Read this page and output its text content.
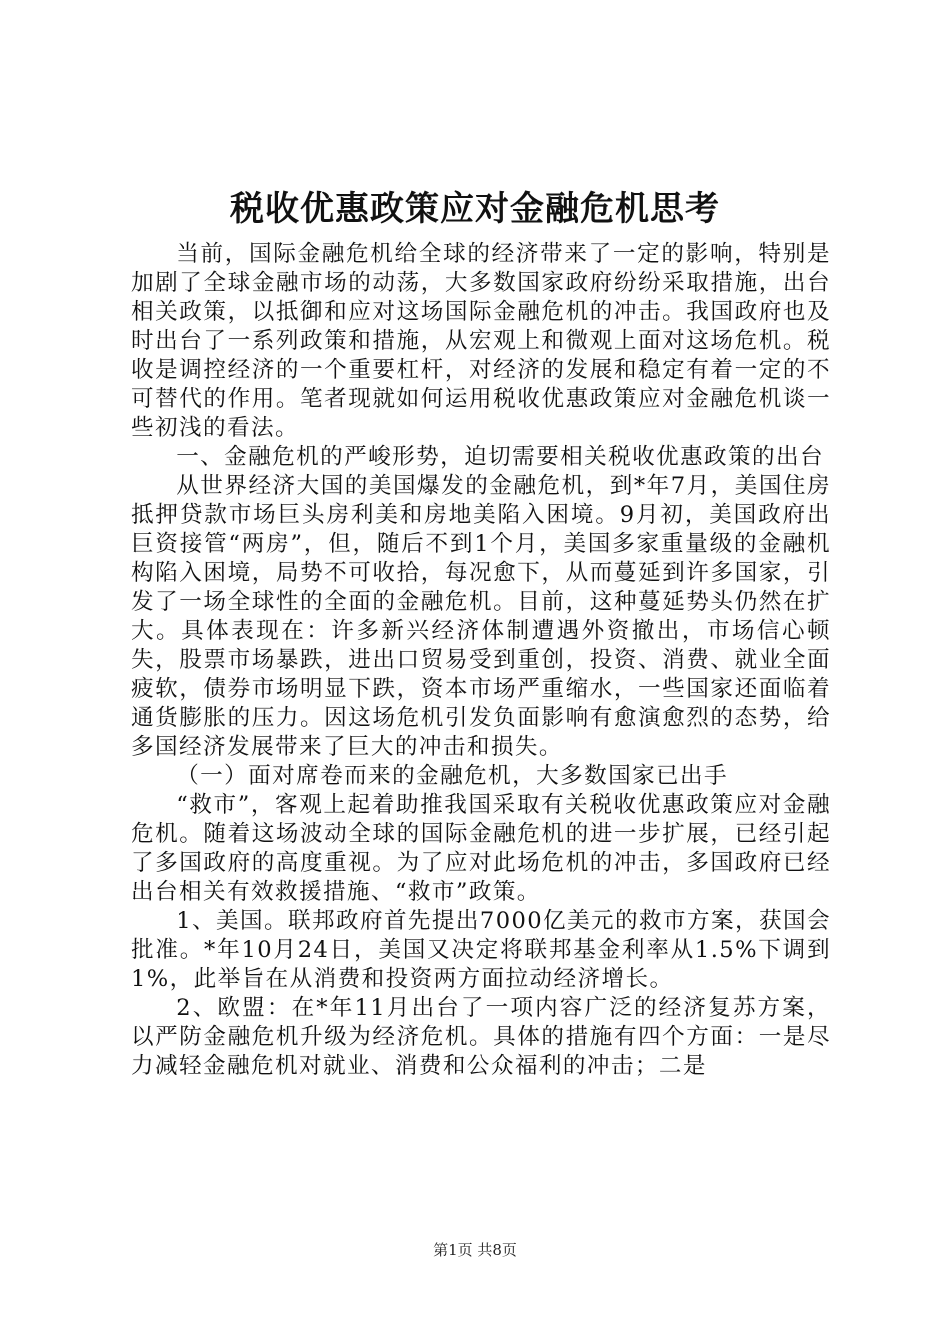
税收优惠政策应对金融危机思考

当前，国际金融危机给全球的经济带来了一定的影响，特别是加剧了全球金融市场的动荡，大多数国家政府纷纷采取措施，出台相关政策，以抵御和应对这场国际金融危机的冲击。我国政府也及时出台了一系列政策和措施，从宏观上和微观上面对这场危机。税收是调控经济的一个重要杠杆，对经济的发展和稳定有着一定的不可替代的作用。笔者现就如何运用税收优惠政策应对金融危机谈一些初浅的看法。

一、金融危机的严峻形势，迫切需要相关税收优惠政策的出台

从世界经济大国的美国爆发的金融危机，到*年7月，美国住房抵押贷款市场巨头房利美和房地美陷入困境。9月初，美国政府出巨资接管“两房”，但，随后不到1个月，美国多家重量级的金融机构陷入困境，局势不可收拾，每况愈下，从而蔓延到许多国家，引发了一场全球性的全面的金融危机。目前，这种蔓延势头仍然在扩大。具体表现在：许多新兴经济体制遭遇外资撤出，市场信心顿失，股票市场暴跌，进出口贸易受到重创，投资、消费、就业全面疲软，债券市场明显下跌，资本市场严重缩水，一些国家还面临着通货膨胀的压力。因这场危机引发负面影响有愈演愈烈的态势，给多国经济发展带来了巨大的冲击和损失。

（一）面对席卷而来的金融危机，大多数国家已出手

“救市”，客观上起着助推我国采取有关税收优惠政策应对金融危机。随着这场波动全球的国际金融危机的进一步扩展，已经引起了多国政府的高度重视。为了应对此场危机的冲击，多国政府已经出台相关有效救援措施、“救市”政策。

1、美国。联邦政府首先提出7000亿美元的救市方案，获国会批准。*年10月24日，美国又决定将联邦基金利率从1.5%下调到1%，此举旨在从消费和投资两方面拉动经济增长。

2、欧盟：在*年11月出台了一项内容广泛的经济复苏方案，以严防金融危机升级为经济危机。具体的措施有四个方面：一是尽力减轻金融危机对就业、消费和公众福利的冲击；二是

第1页 共8页
